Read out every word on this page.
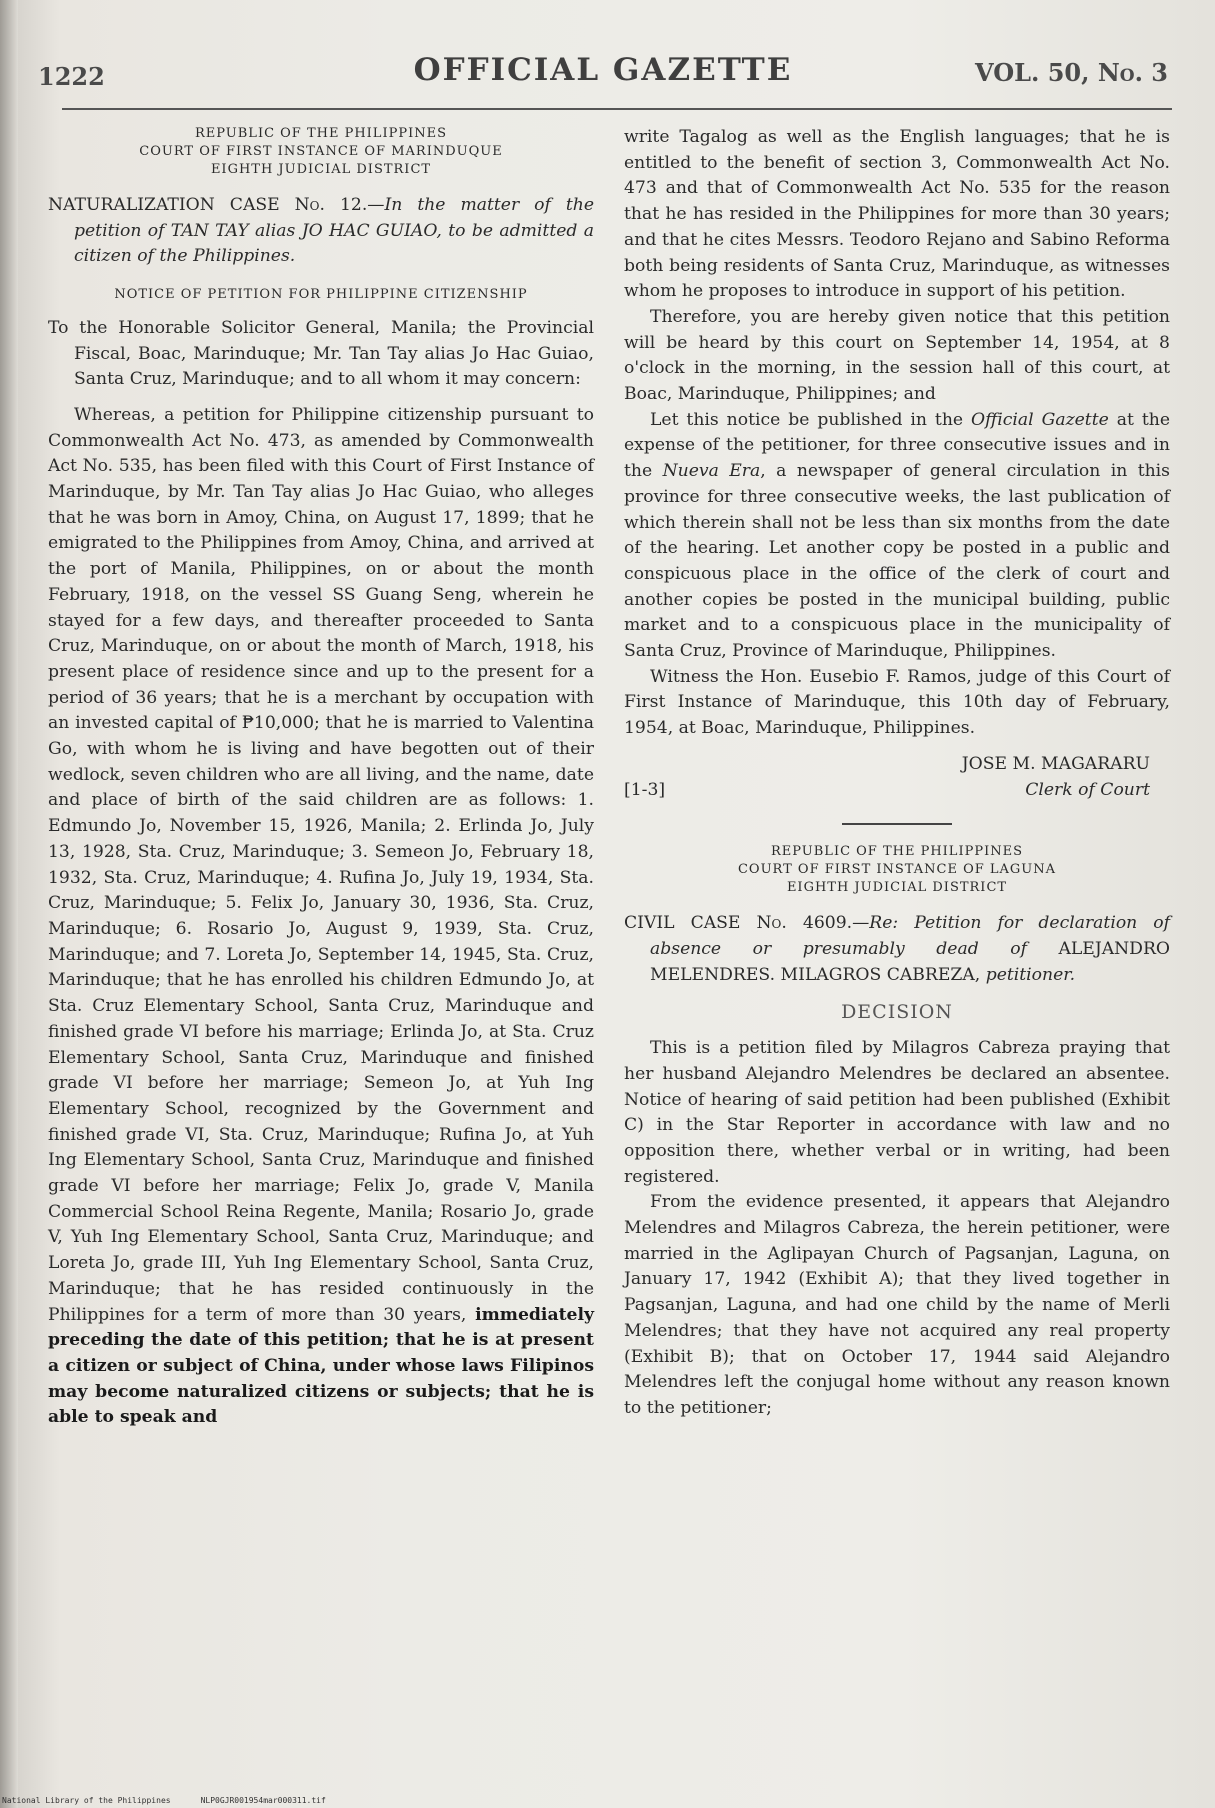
1222	OFFICIAL GAZETTE	VOL. 50, No. 3

REPUBLIC OF THE PHILIPPINES

COURT OF FIRST INSTANCE OF MARINDUQUE

EIGHTH JUDICIAL DISTRICT

NATURALIZATION CASE No. 12.—In the matter of the petition of TAN TAY alias JO HAC GUIAO, to be admitted a citizen of the Philippines.
NOTICE OF PETITION FOR PHILIPPINE CITIZENSHIP
To the Honorable Solicitor General, Manila; the Provincial Fiscal, Boac, Marinduque; Mr. Tan Tay alias Jo Hac Guiao, Santa Cruz, Marinduque; and to all whom it may concern:

Whereas, a petition for Philippine citizenship pursuant to Commonwealth Act No. 473, as amended by Commonwealth Act No. 535, has been filed with this Court of First Instance of Marinduque, by Mr. Tan Tay alias Jo Hac Guiao, who alleges that he was born in Amoy, China, on August 17, 1899; that he emigrated to the Philippines from Amoy, China, and arrived at the port of Manila, Philippines, on or about the month February, 1918, on the vessel SS Guang Seng, wherein he stayed for a few days, and thereafter proceeded to Santa Cruz, Marinduque, on or about the month of March, 1918, his present place of residence since and up to the present for a period of 36 years; that he is a merchant by occupation with an invested capital of ₱10,000; that he is married to Valentina Go, with whom he is living and have begotten out of their wedlock, seven children who are all living, and the name, date and place of birth of the said children are as follows: 1. Edmundo Jo, November 15, 1926, Manila; 2. Erlinda Jo, July 13, 1928, Sta. Cruz, Marinduque; 3. Semeon Jo, February 18, 1932, Sta. Cruz, Marinduque; 4. Rufina Jo, July 19, 1934, Sta. Cruz, Marinduque; 5. Felix Jo, January 30, 1936, Sta. Cruz, Marinduque; 6. Rosario Jo, August 9, 1939, Sta. Cruz, Marinduque; and 7. Loreta Jo, September 14, 1945, Sta. Cruz, Marinduque; that he has enrolled his children Edmundo Jo, at Sta. Cruz Elementary School, Santa Cruz, Marinduque and finished grade VI before his marriage; Erlinda Jo, at Sta. Cruz Elementary School, Santa Cruz, Marinduque and finished grade VI before her marriage; Semeon Jo, at Yuh Ing Elementary School, recognized by the Government and finished grade VI, Sta. Cruz, Marinduque; Rufina Jo, at Yuh Ing Elementary School, Santa Cruz, Marinduque and finished grade VI before her marriage; Felix Jo, grade V, Manila Commercial School Reina Regente, Manila; Rosario Jo, grade V, Yuh Ing Elementary School, Santa Cruz, Marinduque; and Loreta Jo, grade III, Yuh Ing Elementary School, Santa Cruz, Marinduque; that he has resided continuously in the Philippines for a term of more than 30 years, immediately preceding the date of this petition; that he is at present a citizen or subject of China, under whose laws Filipinos may become naturalized citizens or subjects; that he is able to speak and

write Tagalog as well as the English languages; that he is entitled to the benefit of section 3, Commonwealth Act No. 473 and that of Commonwealth Act No. 535 for the reason that he has resided in the Philippines for more than 30 years; and that he cites Messrs. Teodoro Rejano and Sabino Reforma both being residents of Santa Cruz, Marinduque, as witnesses whom he proposes to introduce in support of his petition.

Therefore, you are hereby given notice that this petition will be heard by this court on September 14, 1954, at 8 o'clock in the morning, in the session hall of this court, at Boac, Marinduque, Philippines; and

Let this notice be published in the Official Gazette at the expense of the petitioner, for three consecutive issues and in the Nueva Era, a newspaper of general circulation in this province for three consecutive weeks, the last publication of which therein shall not be less than six months from the date of the hearing. Let another copy be posted in a public and conspicuous place in the office of the clerk of court and another copies be posted in the municipal building, public market and to a conspicuous place in the municipality of Santa Cruz, Province of Marinduque, Philippines.

Witness the Hon. Eusebio F. Ramos, judge of this Court of First Instance of Marinduque, this 10th day of February, 1954, at Boac, Marinduque, Philippines.

JOSE M. MAGARARU
[1-3]	Clerk of Court

REPUBLIC OF THE PHILIPPINES

COURT OF FIRST INSTANCE OF LAGUNA

EIGHTH JUDICIAL DISTRICT

CIVIL CASE No. 4609.—Re: Petition for declaration of absence or presumably dead of ALEJANDRO MELENDRES. MILAGROS CABREZA, petitioner.
DECISION

This is a petition filed by Milagros Cabreza praying that her husband Alejandro Melendres be declared an absentee. Notice of hearing of said petition had been published (Exhibit C) in the Star Reporter in accordance with law and no opposition there, whether verbal or in writing, had been registered.

From the evidence presented, it appears that Alejandro Melendres and Milagros Cabreza, the herein petitioner, were married in the Aglipayan Church of Pagsanjan, Laguna, on January 17, 1942 (Exhibit A); that they lived together in Pagsanjan, Laguna, and had one child by the name of Merli Melendres; that they have not acquired any real property (Exhibit B); that on October 17, 1944 said Alejandro Melendres left the conjugal home without any reason known to the petitioner;

National Library of the Philippines	NLP0GJR001954mar000311.tif
